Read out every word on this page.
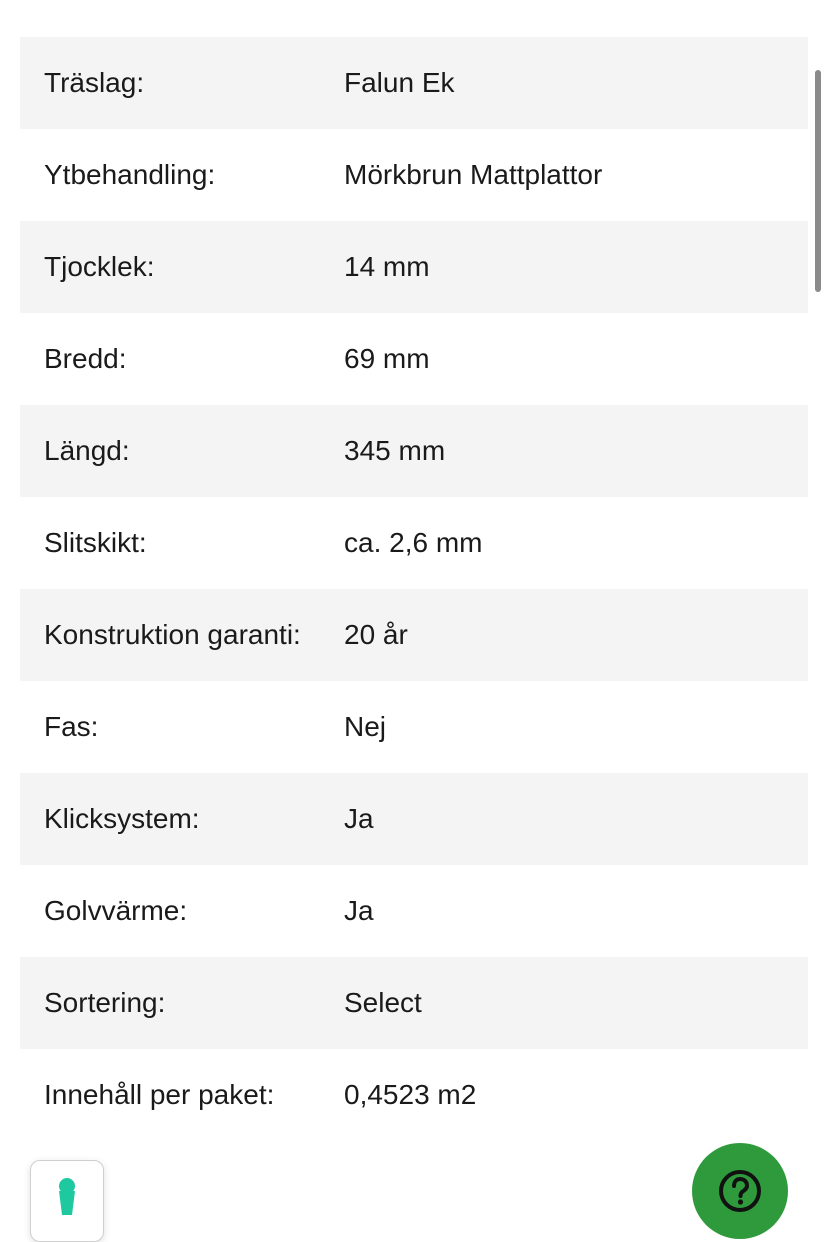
Träslag:	Falun Ek
Ytbehandling:	Mörkbrun Mattplattor
Tjocklek:	14 mm
Bredd:	69 mm
Längd:	345 mm
Slitskikt:	ca. 2,6 mm
Konstruktion garanti:	20 år
Fas:	Nej
Klicksystem:	Ja
Golvvärme:	Ja
Sortering:	Select
Innehåll per paket:	0,4523 m2
